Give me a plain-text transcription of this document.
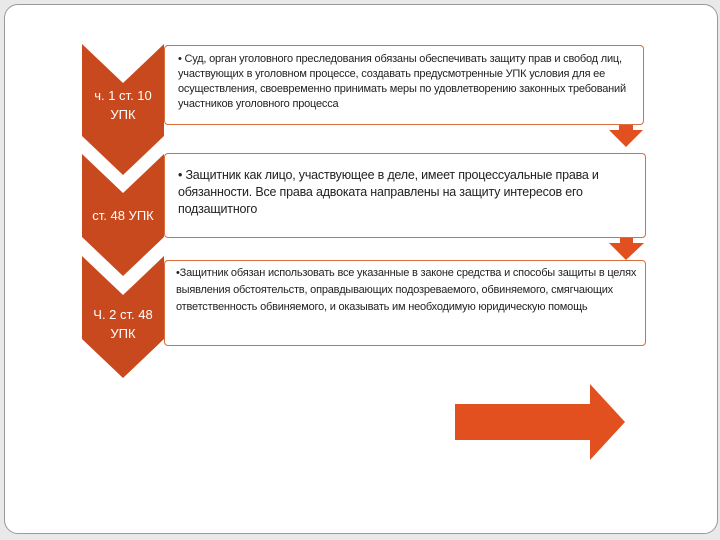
ч. 1 ст. 10
УПК
ст. 48 УПК
Ч. 2 ст. 48
УПК
• Суд, орган уголовного преследования обязаны обеспечивать защиту прав и свобод лиц, участвующих в уголовном процессе, создавать предусмотренные УПК условия для ее осуществления, своевременно принимать меры по удовлетворению законных требований участников уголовного процесса
• Защитник как лицо, участвующее в деле, имеет процессуальные права и обязанности. Все права адвоката направлены на защиту интересов его подзащитного
•Защитник обязан использовать все указанные в законе средства и способы защиты в целях выявления обстоятельств, оправдывающих подозреваемого, обвиняемого, смягчающих ответственность обвиняемого, и оказывать им необходимую юридическую помощь
